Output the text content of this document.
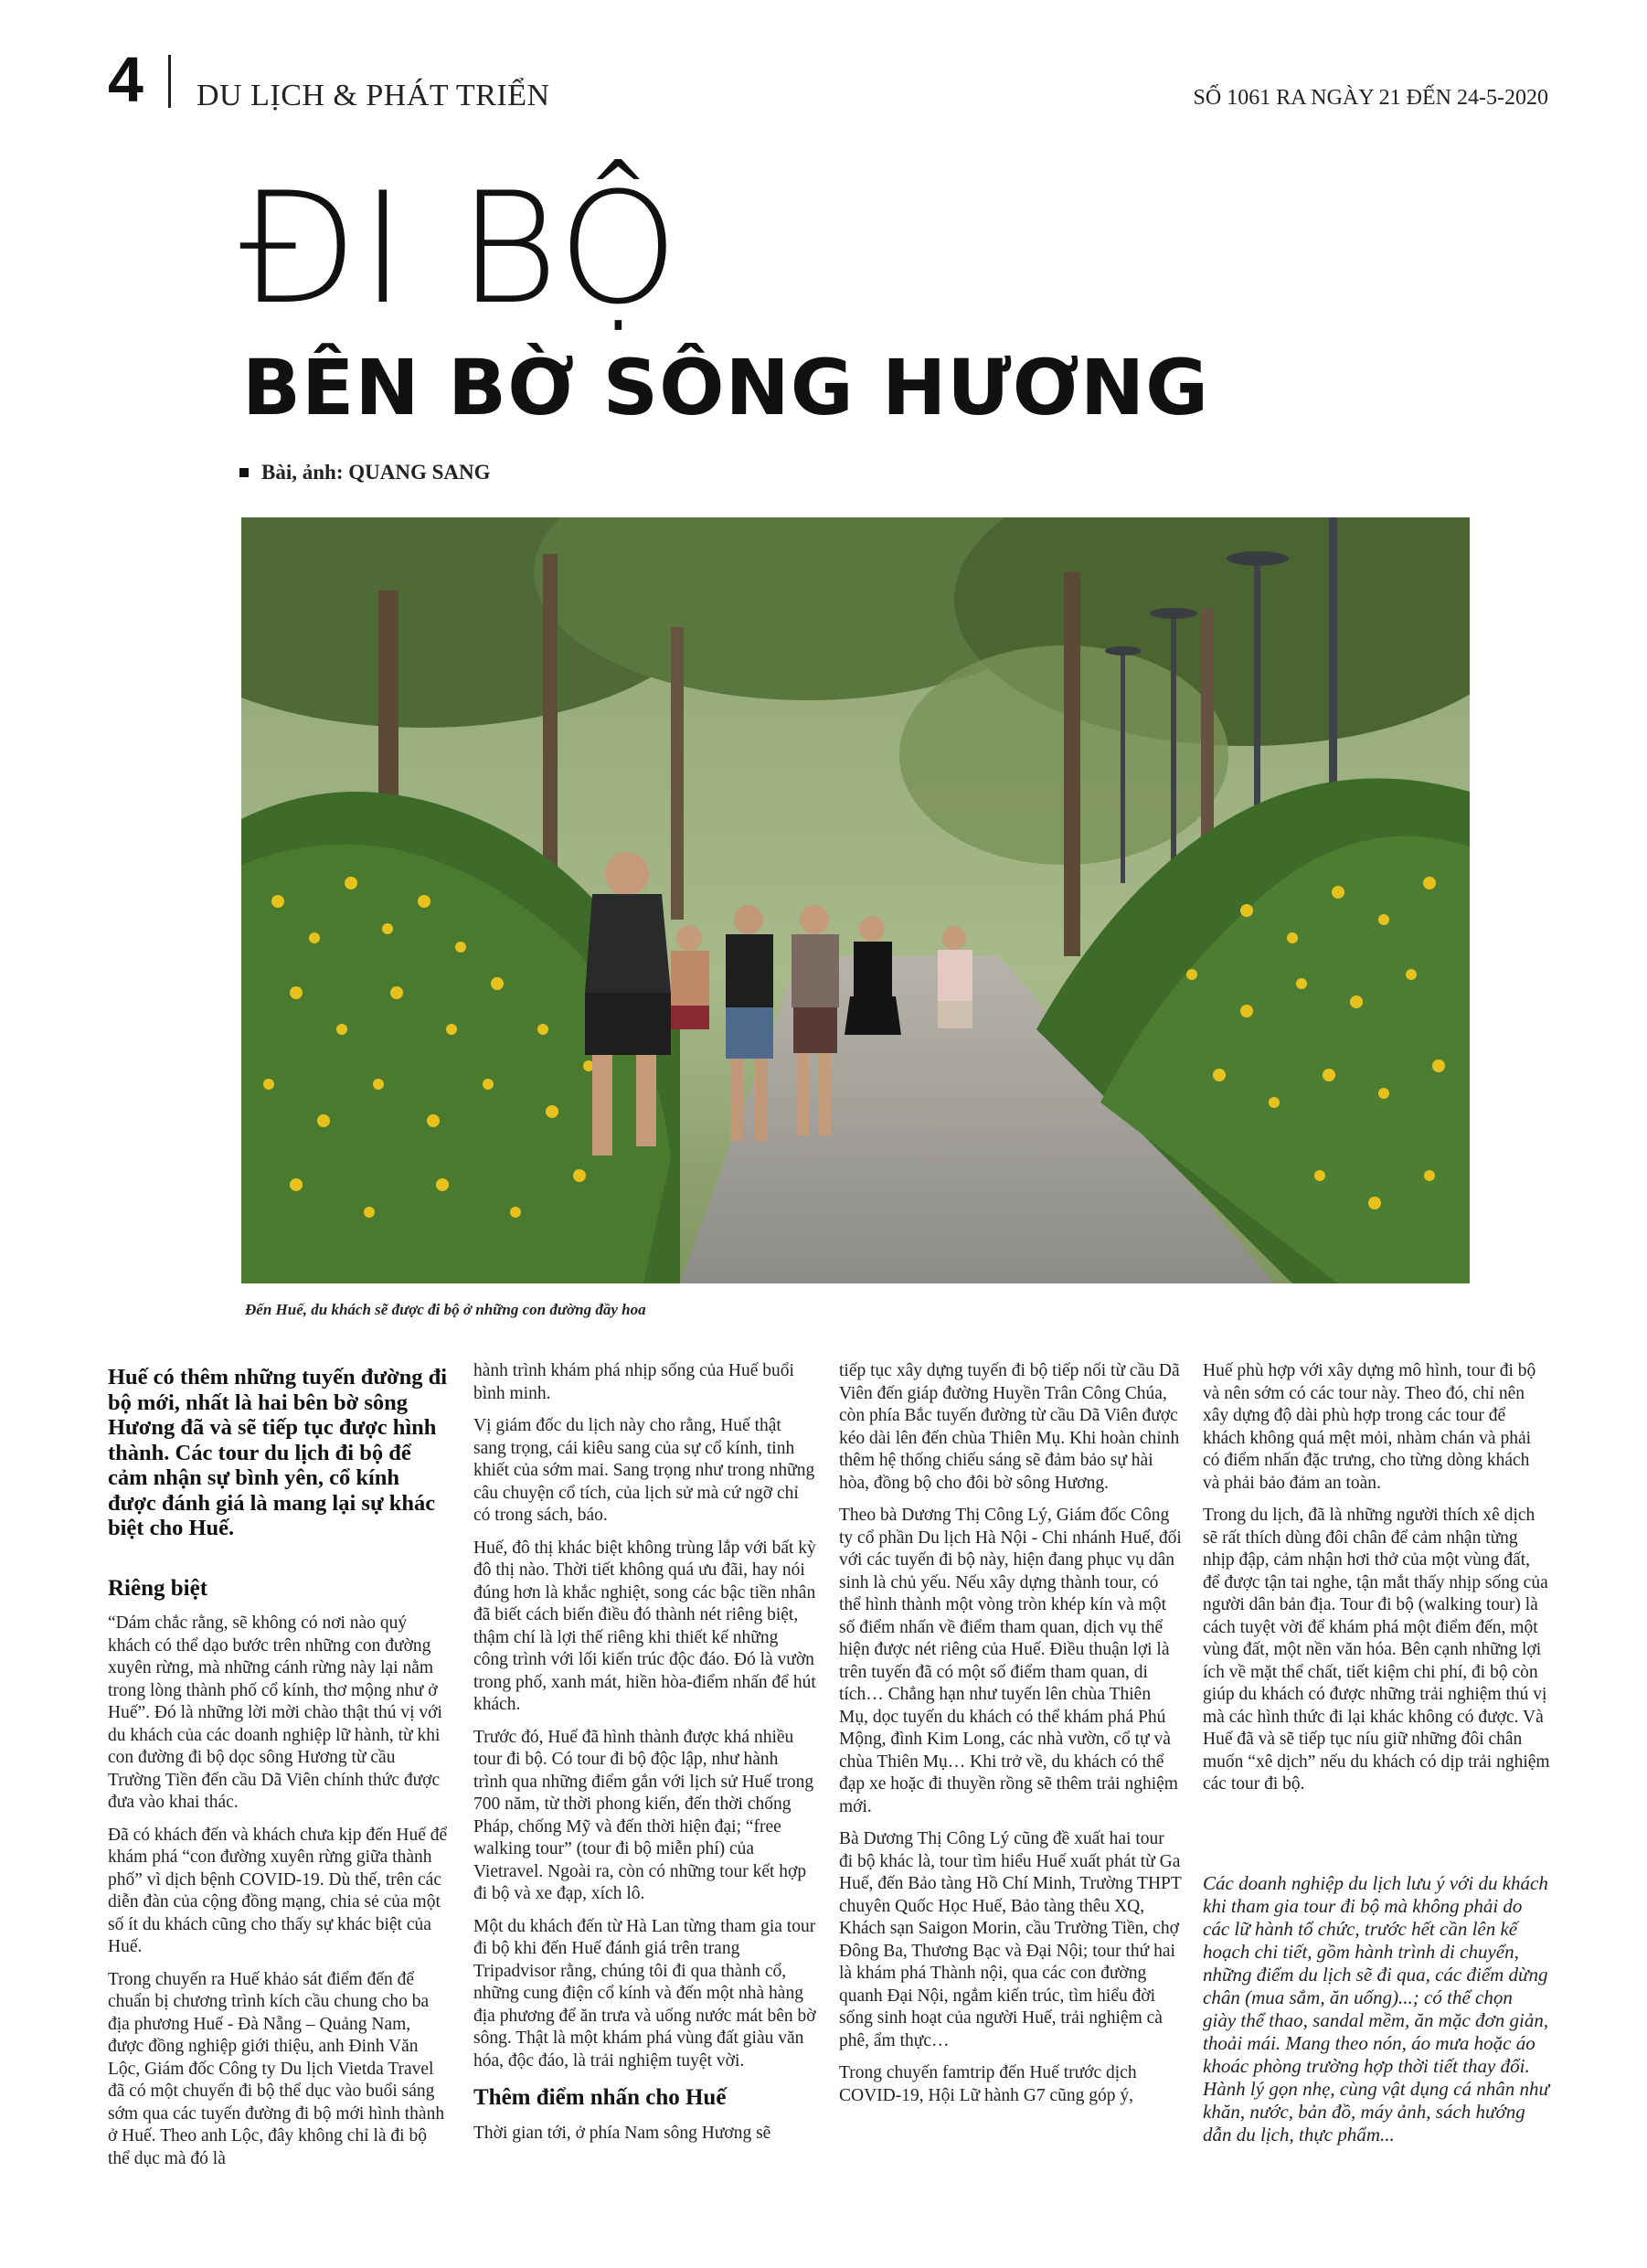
4 DU LỊCH & PHÁT TRIỂN	SỐ 1061 RA NGÀY 21 ĐẾN 24-5-2020
ĐI BỘ
BÊN BỜ SÔNG HƯƠNG
Bài, ảnh: QUANG SANG
Đến Huế, du khách sẽ được đi bộ ở những con đường đầy hoa

Huế có thêm những tuyến đường đi bộ mới, nhất là hai bên bờ sông Hương đã và sẽ tiếp tục được hình thành. Các tour du lịch đi bộ để cảm nhận sự bình yên, cổ kính được đánh giá là mang lại sự khác biệt cho Huế.

Riêng biệt

“Dám chắc rằng, sẽ không có nơi nào quý khách có thể dạo bước trên những con đường xuyên rừng, mà những cánh rừng này lại nằm trong lòng thành phố cổ kính, thơ mộng như ở Huế”. Đó là những lời mời chào thật thú vị với du khách của các doanh nghiệp lữ hành, từ khi con đường đi bộ dọc sông Hương từ cầu Trường Tiền đến cầu Dã Viên chính thức được đưa vào khai thác.

Đã có khách đến và khách chưa kịp đến Huế để khám phá “con đường xuyên rừng giữa thành phố” vì dịch bệnh COVID-19. Dù thế, trên các diễn đàn của cộng đồng mạng, chia sẻ của một số ít du khách cũng cho thấy sự khác biệt của Huế.

Trong chuyến ra Huế khảo sát điểm đến để chuẩn bị chương trình kích cầu chung cho ba địa phương Huế - Đà Nẵng – Quảng Nam, được đồng nghiệp giới thiệu, anh Đinh Văn Lộc, Giám đốc Công ty Du lịch Vietda Travel đã có một chuyến đi bộ thể dục vào buổi sáng sớm qua các tuyến đường đi bộ mới hình thành ở Huế. Theo anh Lộc, đây không chỉ là đi bộ thể dục mà đó là

hành trình khám phá nhịp sống của Huế buổi bình minh.

Vị giám đốc du lịch này cho rằng, Huế thật sang trọng, cái kiêu sang của sự cổ kính, tinh khiết của sớm mai. Sang trọng như trong những câu chuyện cổ tích, của lịch sử mà cứ ngỡ chỉ có trong sách, báo.

Huế, đô thị khác biệt không trùng lắp với bất kỳ đô thị nào. Thời tiết không quá ưu đãi, hay nói đúng hơn là khắc nghiệt, song các bậc tiền nhân đã biết cách biến điều đó thành nét riêng biệt, thậm chí là lợi thế riêng khi thiết kế những công trình với lối kiến trúc độc đáo. Đó là vườn trong phố, xanh mát, hiền hòa-điểm nhấn để hút khách.

Trước đó, Huế đã hình thành được khá nhiều tour đi bộ. Có tour đi bộ độc lập, như hành trình qua những điểm gắn với lịch sử Huế trong 700 năm, từ thời phong kiến, đến thời chống Pháp, chống Mỹ và đến thời hiện đại; “free walking tour” (tour đi bộ miễn phí) của Vietravel. Ngoài ra, còn có những tour kết hợp đi bộ và xe đạp, xích lô.

Một du khách đến từ Hà Lan từng tham gia tour đi bộ khi đến Huế đánh giá trên trang Tripadvisor rằng, chúng tôi đi qua thành cổ, những cung điện cổ kính và đến một nhà hàng địa phương để ăn trưa và uống nước mát bên bờ sông. Thật là một khám phá vùng đất giàu văn hóa, độc đáo, là trải nghiệm tuyệt vời.

Thêm điểm nhấn cho Huế

Thời gian tới, ở phía Nam sông Hương sẽ

tiếp tục xây dựng tuyến đi bộ tiếp nối từ cầu Dã Viên đến giáp đường Huyền Trân Công Chúa, còn phía Bắc tuyến đường từ cầu Dã Viên được kéo dài lên đến chùa Thiên Mụ. Khi hoàn chỉnh thêm hệ thống chiếu sáng sẽ đảm bảo sự hài hòa, đồng bộ cho đôi bờ sông Hương.

Theo bà Dương Thị Công Lý, Giám đốc Công ty cổ phần Du lịch Hà Nội - Chi nhánh Huế, đối với các tuyến đi bộ này, hiện đang phục vụ dân sinh là chủ yếu. Nếu xây dựng thành tour, có thể hình thành một vòng tròn khép kín và một số điểm nhấn về điểm tham quan, dịch vụ thể hiện được nét riêng của Huế. Điều thuận lợi là trên tuyến đã có một số điểm tham quan, di tích… Chẳng hạn như tuyến lên chùa Thiên Mụ, dọc tuyến du khách có thể khám phá Phú Mộng, đình Kim Long, các nhà vườn, cổ tự và chùa Thiên Mụ… Khi trở về, du khách có thể đạp xe hoặc đi thuyền rồng sẽ thêm trải nghiệm mới.

Bà Dương Thị Công Lý cũng đề xuất hai tour đi bộ khác là, tour tìm hiểu Huế xuất phát từ Ga Huế, đến Bảo tàng Hồ Chí Minh, Trường THPT chuyên Quốc Học Huế, Bảo tàng thêu XQ, Khách sạn Saigon Morin, cầu Trường Tiền, chợ Đông Ba, Thương Bạc và Đại Nội; tour thứ hai là khám phá Thành nội, qua các con đường quanh Đại Nội, ngắm kiến trúc, tìm hiểu đời sống sinh hoạt của người Huế, trải nghiệm cà phê, ẩm thực…

Trong chuyến famtrip đến Huế trước dịch COVID-19, Hội Lữ hành G7 cũng góp ý,

Huế phù hợp với xây dựng mô hình, tour đi bộ và nên sớm có các tour này. Theo đó, chỉ nên xây dựng độ dài phù hợp trong các tour để khách không quá mệt mỏi, nhàm chán và phải có điểm nhấn đặc trưng, cho từng dòng khách và phải bảo đảm an toàn.

Trong du lịch, đã là những người thích xê dịch sẽ rất thích dùng đôi chân để cảm nhận từng nhịp đập, cảm nhận hơi thở của một vùng đất, để được tận tai nghe, tận mắt thấy nhịp sống của người dân bản địa. Tour đi bộ (walking tour) là cách tuyệt vời để khám phá một điểm đến, một vùng đất, một nền văn hóa. Bên cạnh những lợi ích về mặt thể chất, tiết kiệm chi phí, đi bộ còn giúp du khách có được những trải nghiệm thú vị mà các hình thức đi lại khác không có được. Và Huế đã và sẽ tiếp tục níu giữ những đôi chân muốn “xê dịch” nếu du khách có dịp trải nghiệm các tour đi bộ.

Các doanh nghiệp du lịch lưu ý với du khách khi tham gia tour đi bộ mà không phải do các lữ hành tổ chức, trước hết cần lên kế hoạch chi tiết, gồm hành trình di chuyển, những điểm du lịch sẽ đi qua, các điểm dừng chân (mua sắm, ăn uống)...; có thể chọn giày thể thao, sandal mềm, ăn mặc đơn giản, thoải mái. Mang theo nón, áo mưa hoặc áo khoác phòng trường hợp thời tiết thay đổi. Hành lý gọn nhẹ, cùng vật dụng cá nhân như khăn, nước, bản đồ, máy ảnh, sách hướng dẫn du lịch, thực phẩm...
